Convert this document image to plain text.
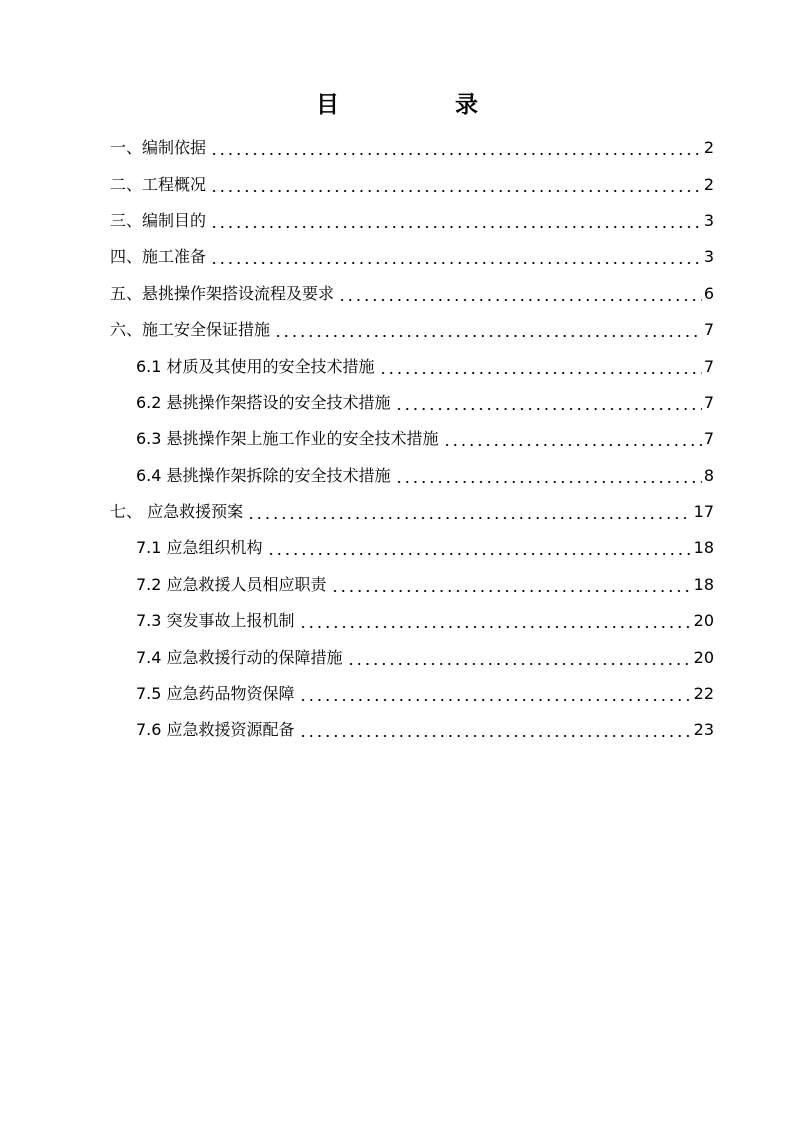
目 录
一、编制依据	2
二、工程概况	2
三、编制目的	3
四、施工准备	3
五、悬挑操作架搭设流程及要求	6
六、施工安全保证措施	7
6.1 材质及其使用的安全技术措施	7
6.2 悬挑操作架搭设的安全技术措施	7
6.3 悬挑操作架上施工作业的安全技术措施	7
6.4 悬挑操作架拆除的安全技术措施	8
七、 应急救援预案	17
7.1 应急组织机构	18
7.2 应急救援人员相应职责	18
7.3 突发事故上报机制	20
7.4 应急救援行动的保障措施	20
7.5 应急药品物资保障	22
7.6 应急救援资源配备	23
